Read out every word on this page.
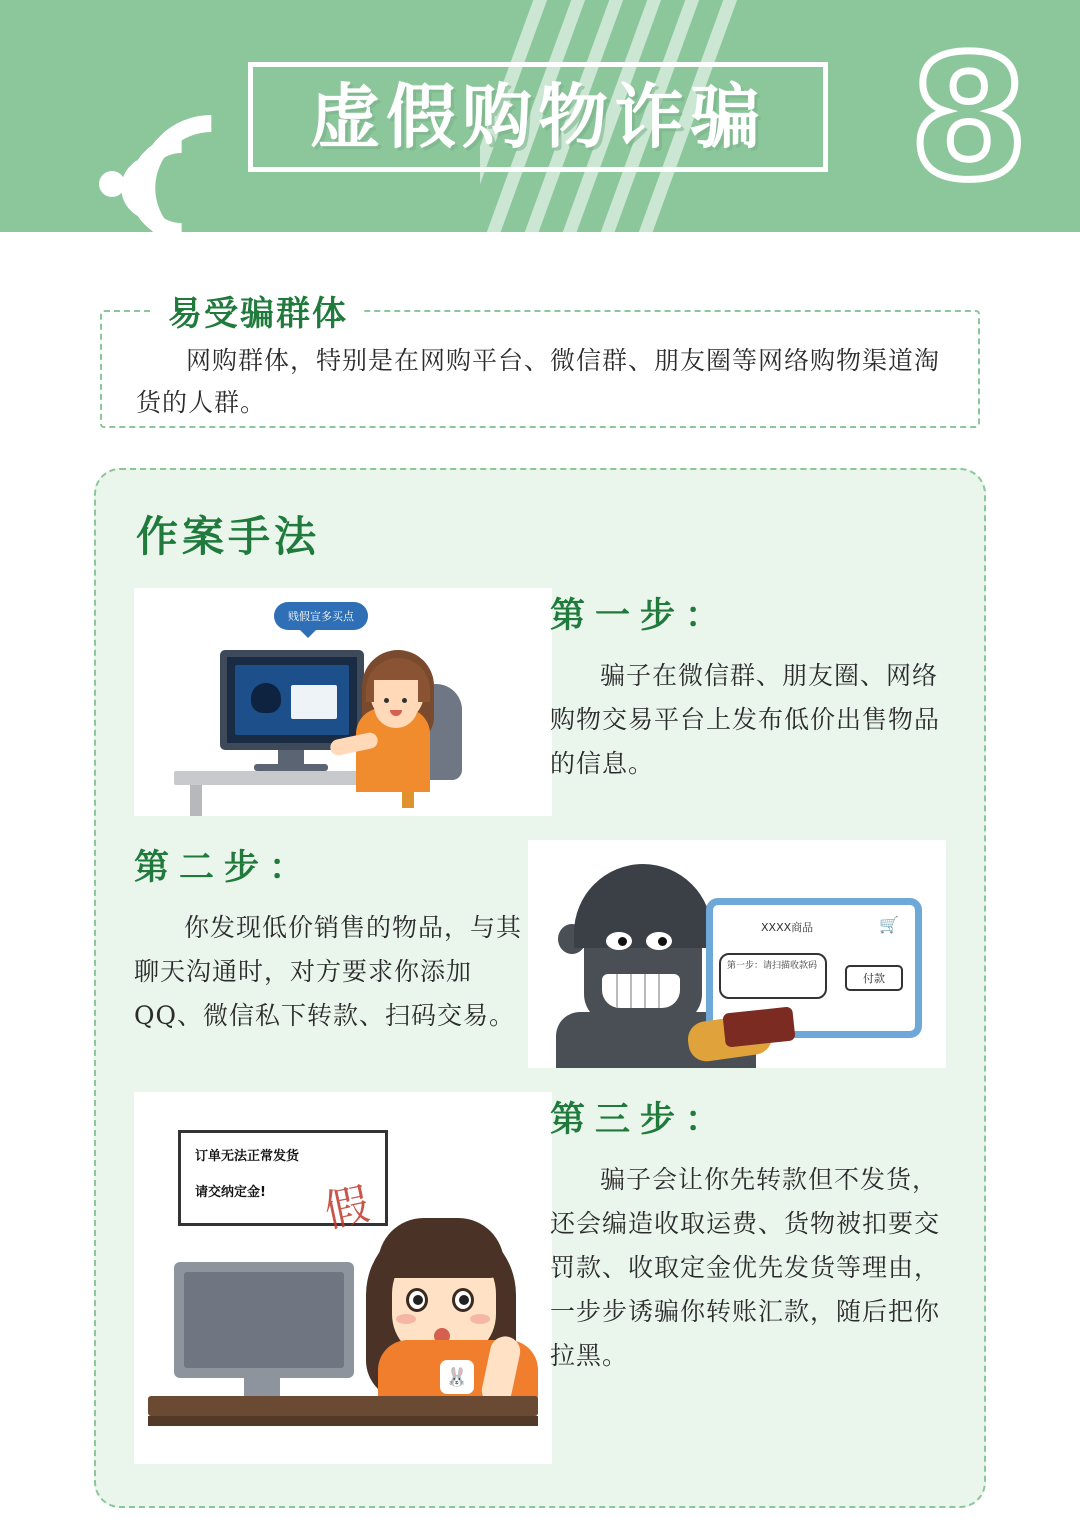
虚假购物诈骗 8
易受骗群体
网购群体，特别是在网购平台、微信群、朋友圈等网络购物渠道淘货的人群。
作案手法
贱假宣多买点	第一步：
骗子在微信群、朋友圈、网络购物交易平台上发布低价出售物品的信息。
XXXX商品	🛒
第一步：请扫描收款码
付款
第二步：
你发现低价销售的物品，与其聊天沟通时，对方要求你添加QQ、微信私下转款、扫码交易。

订单无法正常发货

请交纳定金!	假
🐰
第三步：
骗子会让你先转款但不发货，还会编造收取运费、货物被扣要交罚款、收取定金优先发货等理由，一步步诱骗你转账汇款，随后把你拉黑。
